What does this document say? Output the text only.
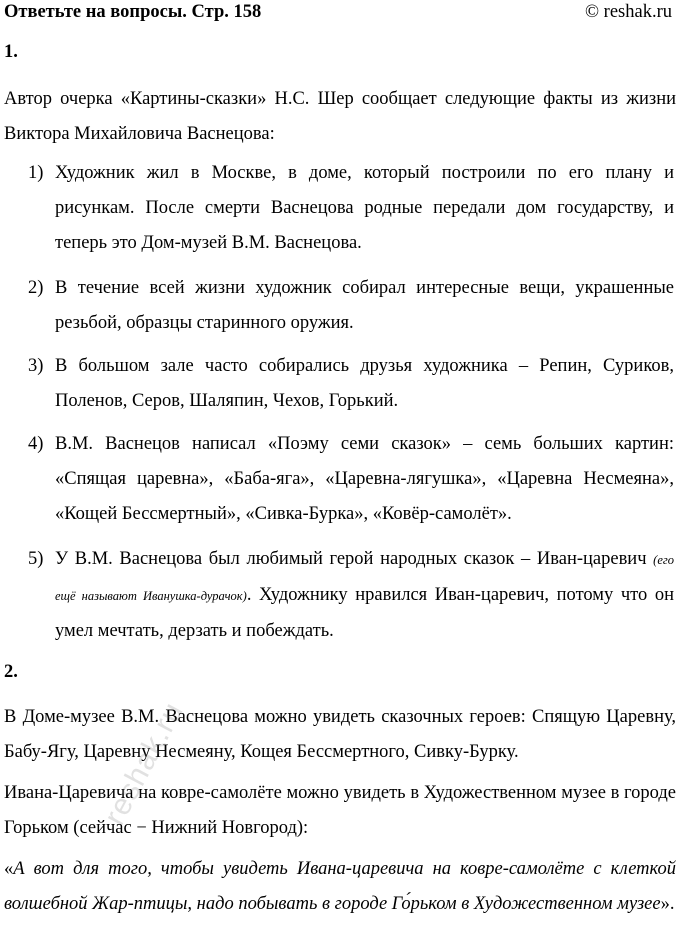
Ответьте на вопросы. Стр. 158	© reshak.ru
1.
Автор очерка «Картины-сказки» Н.С. Шер сообщает следующие факты из жизни Виктора Михайловича Васнецова:
1) Художник жил в Москве, в доме, который построили по его плану и рисункам. После смерти Васнецова родные передали дом государству, и теперь это Дом-музей В.М. Васнецова.
2) В течение всей жизни художник собирал интересные вещи, украшенные резьбой, образцы старинного оружия.
3) В большом зале часто собирались друзья художника – Репин, Суриков, Поленов, Серов, Шаляпин, Чехов, Горький.
4) В.М. Васнецов написал «Поэму семи сказок» – семь больших картин: «Спящая царевна», «Баба-яга», «Царевна-лягушка», «Царевна Несмеяна», «Кощей Бессмертный», «Сивка-Бурка», «Ковёр-самолёт».
5) У В.М. Васнецова был любимый герой народных сказок – Иван-царевич (его ещё называют Иванушка-дурачок). Художнику нравился Иван-царевич, потому что он умел мечтать, дерзать и побеждать.
2.
В Доме-музее В.М. Васнецова можно увидеть сказочных героев: Спящую Царевну, Бабу-Ягу, Царевну Несмеяну, Кощея Бессмертного, Сивку-Бурку.
Ивана-Царевича на ковре-самолёте можно увидеть в Художественном музее в городе Горьком (сейчас − Нижний Новгород):
«А вот для того, чтобы увидеть Ивана-царевича на ковре-самолёте с клеткой волшебной Жар-птицы, надо побывать в городе Го́рьком в Художественном музее».
reshak.ru
